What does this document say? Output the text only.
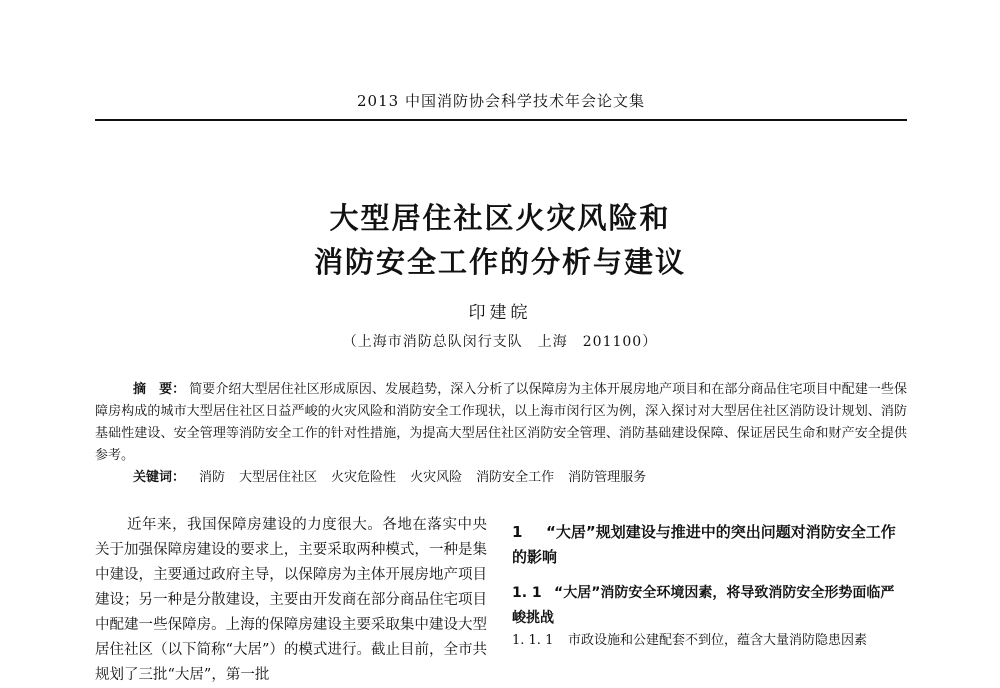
2013 中国消防协会科学技术年会论文集
大型居住社区火灾风险和
消防安全工作的分析与建议
印建皖
（上海市消防总队闵行支队　上海　201100）
摘　要： 简要介绍大型居住社区形成原因、发展趋势，深入分析了以保障房为主体开展房地产项目和在部分商品住宅项目中配建一些保障房构成的城市大型居住社区日益严峻的火灾风险和消防安全工作现状，以上海市闵行区为例，深入探讨对大型居住社区消防设计规划、消防基础性建设、安全管理等消防安全工作的针对性措施，为提高大型居住社区消防安全管理、消防基础建设保障、保证居民生命和财产安全提供参考。
关键词： 消防 大型居住社区 火灾危险性 火灾风险 消防安全工作 消防管理服务
近年来，我国保障房建设的力度很大。各地在落实中央关于加强保障房建设的要求上，主要采取两种模式，一种是集中建设，主要通过政府主导，以保障房为主体开展房地产项目建设；另一种是分散建设，主要由开发商在部分商品住宅项目中配建一些保障房。上海的保障房建设主要采取集中建设大型居住社区（以下简称“大居”）的模式进行。截止目前，全市共规划了三批“大居”，第一批
1 “大居”规划建设与推进中的突出问题对消防安全工作的影响
1. 1 “大居”消防安全环境因素，将导致消防安全形势面临严峻挑战
1. 1. 1 市政设施和公建配套不到位，蕴含大量消防隐患因素
